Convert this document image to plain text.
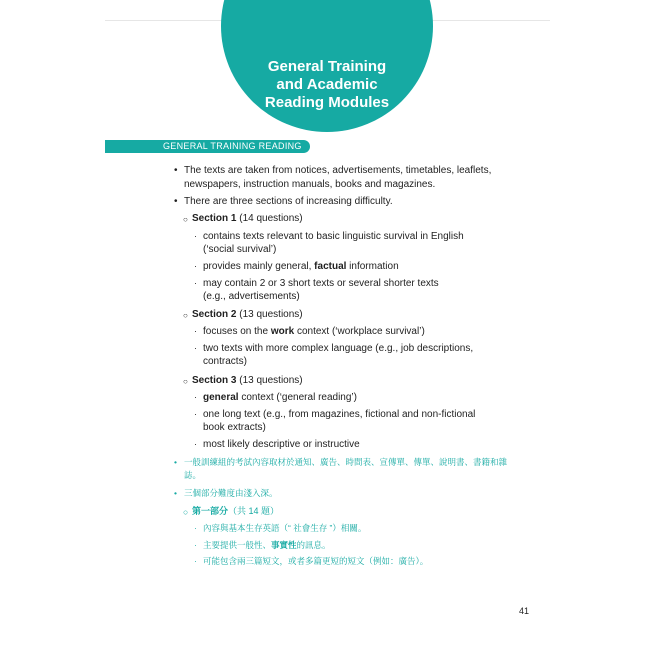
General Training
and Academic
Reading Modules
GENERAL TRAINING READING
• The texts are taken from notices, advertisements, timetables, leaflets,
newspapers, instruction manuals, books and magazines.
• There are three sections of increasing difficulty.
○ Section 1 (14 questions)
· contains texts relevant to basic linguistic survival in English
(‘social survival’)
· provides mainly general, factual information
· may contain 2 or 3 short texts or several shorter texts
(e.g., advertisements)
○ Section 2 (13 questions)
· focuses on the work context (‘workplace survival’)
· two texts with more complex language (e.g., job descriptions,
contracts)
○ Section 3 (13 questions)
· general context (‘general reading’)
· one long text (e.g., from magazines, fictional and non-fictional
book extracts)
· most likely descriptive or instructive
• 一般訓練組的考試內容取材於通知、廣告、時間表、宣傳單、傳單、說明書、書籍和雜
誌。
• 三個部分難度由淺入深。
○ 第一部分（共 14 題）
· 內容與基本生存英語（“ 社會生存 ”）相關。
· 主要提供一般性、事實性的訊息。
· 可能包含兩三篇短文，或者多篇更短的短文（例如：廣告）。
41
